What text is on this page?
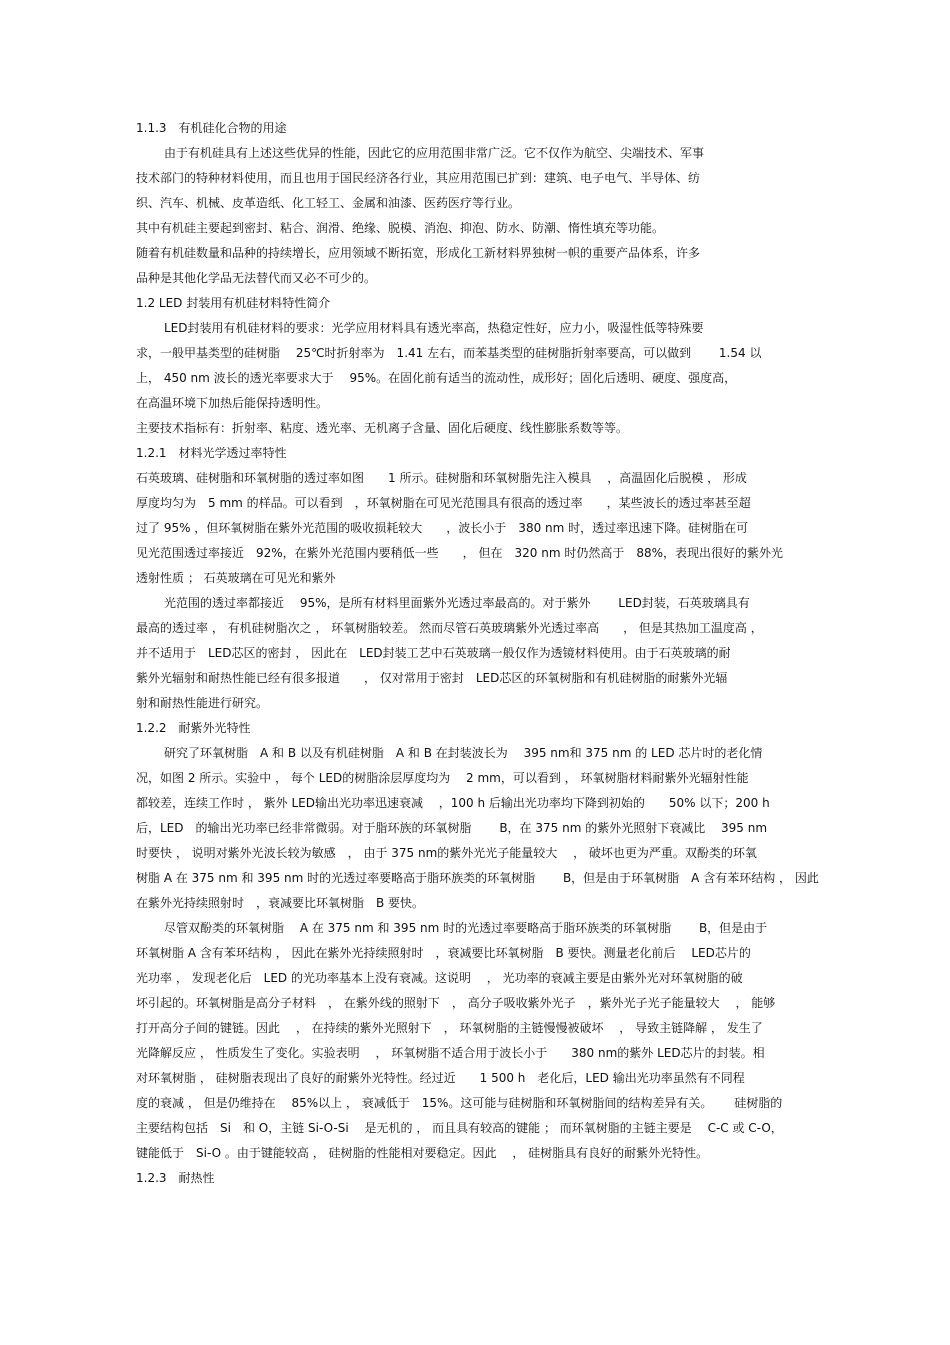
1.1.3　有机硅化合物的用途
由于有机硅具有上述这些优异的性能，因此它的应用范围非常广泛。它不仅作为航空、尖端技术、军事
技术部门的特种材料使用，而且也用于国民经济各行业，其应用范围已扩到：建筑、电子电气、半导体、纺
织、汽车、机械、皮革造纸、化工轻工、金属和油漆、医药医疗等行业。
其中有机硅主要起到密封、粘合、润滑、绝缘、脱模、消泡、抑泡、防水、防潮、惰性填充等功能。
随着有机硅数量和品种的持续增长，应用领域不断拓宽，形成化工新材料界独树一帜的重要产品体系，许多
品种是其他化学品无法替代而又必不可少的。
1.2 LED 封装用有机硅材料特性简介
LED封装用有机硅材料的要求：光学应用材料具有透光率高，热稳定性好，应力小，吸湿性低等特殊要
求，一般甲基类型的硅树脂　 25℃时折射率为　1.41 左右，而苯基类型的硅树脂折射率要高，可以做到　　 1.54 以
上， 450 nm 波长的透光率要求大于　 95%。在固化前有适当的流动性，成形好；固化后透明、硬度、强度高，
在高温环境下加热后能保持透明性。
主要技术指标有：折射率、粘度、透光率、无机离子含量、固化后硬度、线性膨胀系数等等。
1.2.1　材料光学透过率特性
石英玻璃、硅树脂和环氧树脂的透过率如图　　1 所示。硅树脂和环氧树脂先注入模具　 ，高温固化后脱模 ， 形成
厚度均匀为　5 mm 的样品。可以看到　，环氧树脂在可见光范围具有很高的透过率　　，某些波长的透过率甚至超
过了 95% ，但环氧树脂在紫外光范围的吸收损耗较大　　，波长小于　380 nm 时，透过率迅速下降。硅树脂在可
见光范围透过率接近　92%，在紫外光范围内要稍低一些　　， 但在　320 nm 时仍然高于　88%，表现出很好的紫外光
透射性质 ； 石英玻璃在可见光和紫外
光范围的透过率都接近　 95%，是所有材料里面紫外光透过率最高的。对于紫外　　 LED封装，石英玻璃具有
最高的透过率 ， 有机硅树脂次之 ， 环氧树脂较差。 然而尽管石英玻璃紫外光透过率高　　， 但是其热加工温度高 ，
并不适用于　LED芯区的密封 ， 因此在　LED封装工艺中石英玻璃一般仅作为透镜材料使用。由于石英玻璃的耐
紫外光辐射和耐热性能已经有很多报道　　， 仅对常用于密封　LED芯区的环氧树脂和有机硅树脂的耐紫外光辐
射和耐热性能进行研究。
1.2.2　耐紫外光特性
研究了环氧树脂　A 和 B 以及有机硅树脂　A 和 B 在封装波长为　 395 nm和 375 nm 的 LED 芯片时的老化情
况，如图 2 所示。实验中 ， 每个 LED的树脂涂层厚度均为　 2 mm，可以看到 ， 环氧树脂材料耐紫外光辐射性能
都较差，连续工作时 ， 紫外 LED输出光功率迅速衰减　 ，100 h 后输出光功率均下降到初始的　　50% 以下；200 h
后，LED　的输出光功率已经非常微弱。对于脂环族的环氧树脂　　 B，在 375 nm 的紫外光照射下衰减比　 395 nm
时要快 ， 说明对紫外光波长较为敏感　， 由于 375 nm的紫外光光子能量较大　 ， 破坏也更为严重。双酚类的环氧
树脂 A 在 375 nm 和 395 nm 时的光透过率要略高于脂环族类的环氧树脂　　 B，但是由于环氧树脂　A 含有苯环结构 ， 因此
在紫外光持续照射时　，衰减要比环氧树脂　B 要快。
尽管双酚类的环氧树脂　 A 在 375 nm 和 395 nm 时的光透过率要略高于脂环族类的环氧树脂　　 B，但是由于
环氧树脂 A 含有苯环结构 ， 因此在紫外光持续照射时　，衰减要比环氧树脂　B 要快。测量老化前后　 LED芯片的
光功率 ， 发现老化后　LED 的光功率基本上没有衰减。这说明　 ， 光功率的衰减主要是由紫外光对环氧树脂的破
坏引起的。环氧树脂是高分子材料　， 在紫外线的照射下　， 高分子吸收紫外光子　，紫外光子光子能量较大　 ， 能够
打开高分子间的键链。因此　 ， 在持续的紫外光照射下　， 环氧树脂的主链慢慢被破坏　 ， 导致主链降解 ， 发生了
光降解反应 ， 性质发生了变化。实验表明　 ， 环氧树脂不适合用于波长小于　　380 nm的紫外 LED芯片的封装。相
对环氧树脂 ， 硅树脂表现出了良好的耐紫外光特性。经过近　　1 500 h　老化后，LED 输出光功率虽然有不同程
度的衰减 ， 但是仍维持在　 85%以上 ， 衰减低于　15%。这可能与硅树脂和环氧树脂间的结构差异有关。　　 硅树脂的
主要结构包括　Si　和 O，主链 Si-O-Si　 是无机的 ， 而且具有较高的键能 ； 而环氧树脂的主链主要是　 C-C 或 C-O，
键能低于　Si-O 。由于键能较高 ， 硅树脂的性能相对要稳定。因此　 ， 硅树脂具有良好的耐紫外光特性。
1.2.3　耐热性
